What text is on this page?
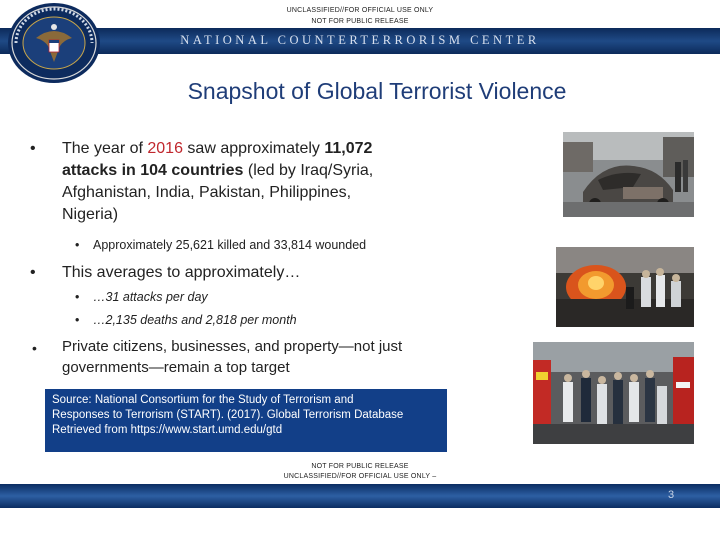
UNCLASSIFIED//FOR OFFICIAL USE ONLY
NOT FOR PUBLIC RELEASE
NATIONAL COUNTERTERRORISM CENTER
Snapshot of Global Terrorist Violence
• The year of 2016 saw approximately 11,072
attacks in 104 countries (led by Iraq/Syria,
Afghanistan, India, Pakistan, Philippines,
Nigeria)
• Approximately 25,621 killed and 33,814 wounded
• This averages to approximately…
• …31 attacks per day
• …2,135 deaths and 2,818 per month
• Private citizens, businesses, and property—not just
governments—remain a top target
Source: National Consortium for the Study of Terrorism and
Responses to Terrorism (START). (2017). Global Terrorism Database
Retrieved from https://www.start.umd.edu/gtd
NOT FOR PUBLIC RELEASE
UNCLASSIFIED//FOR OFFICIAL USE ONLY –
3
